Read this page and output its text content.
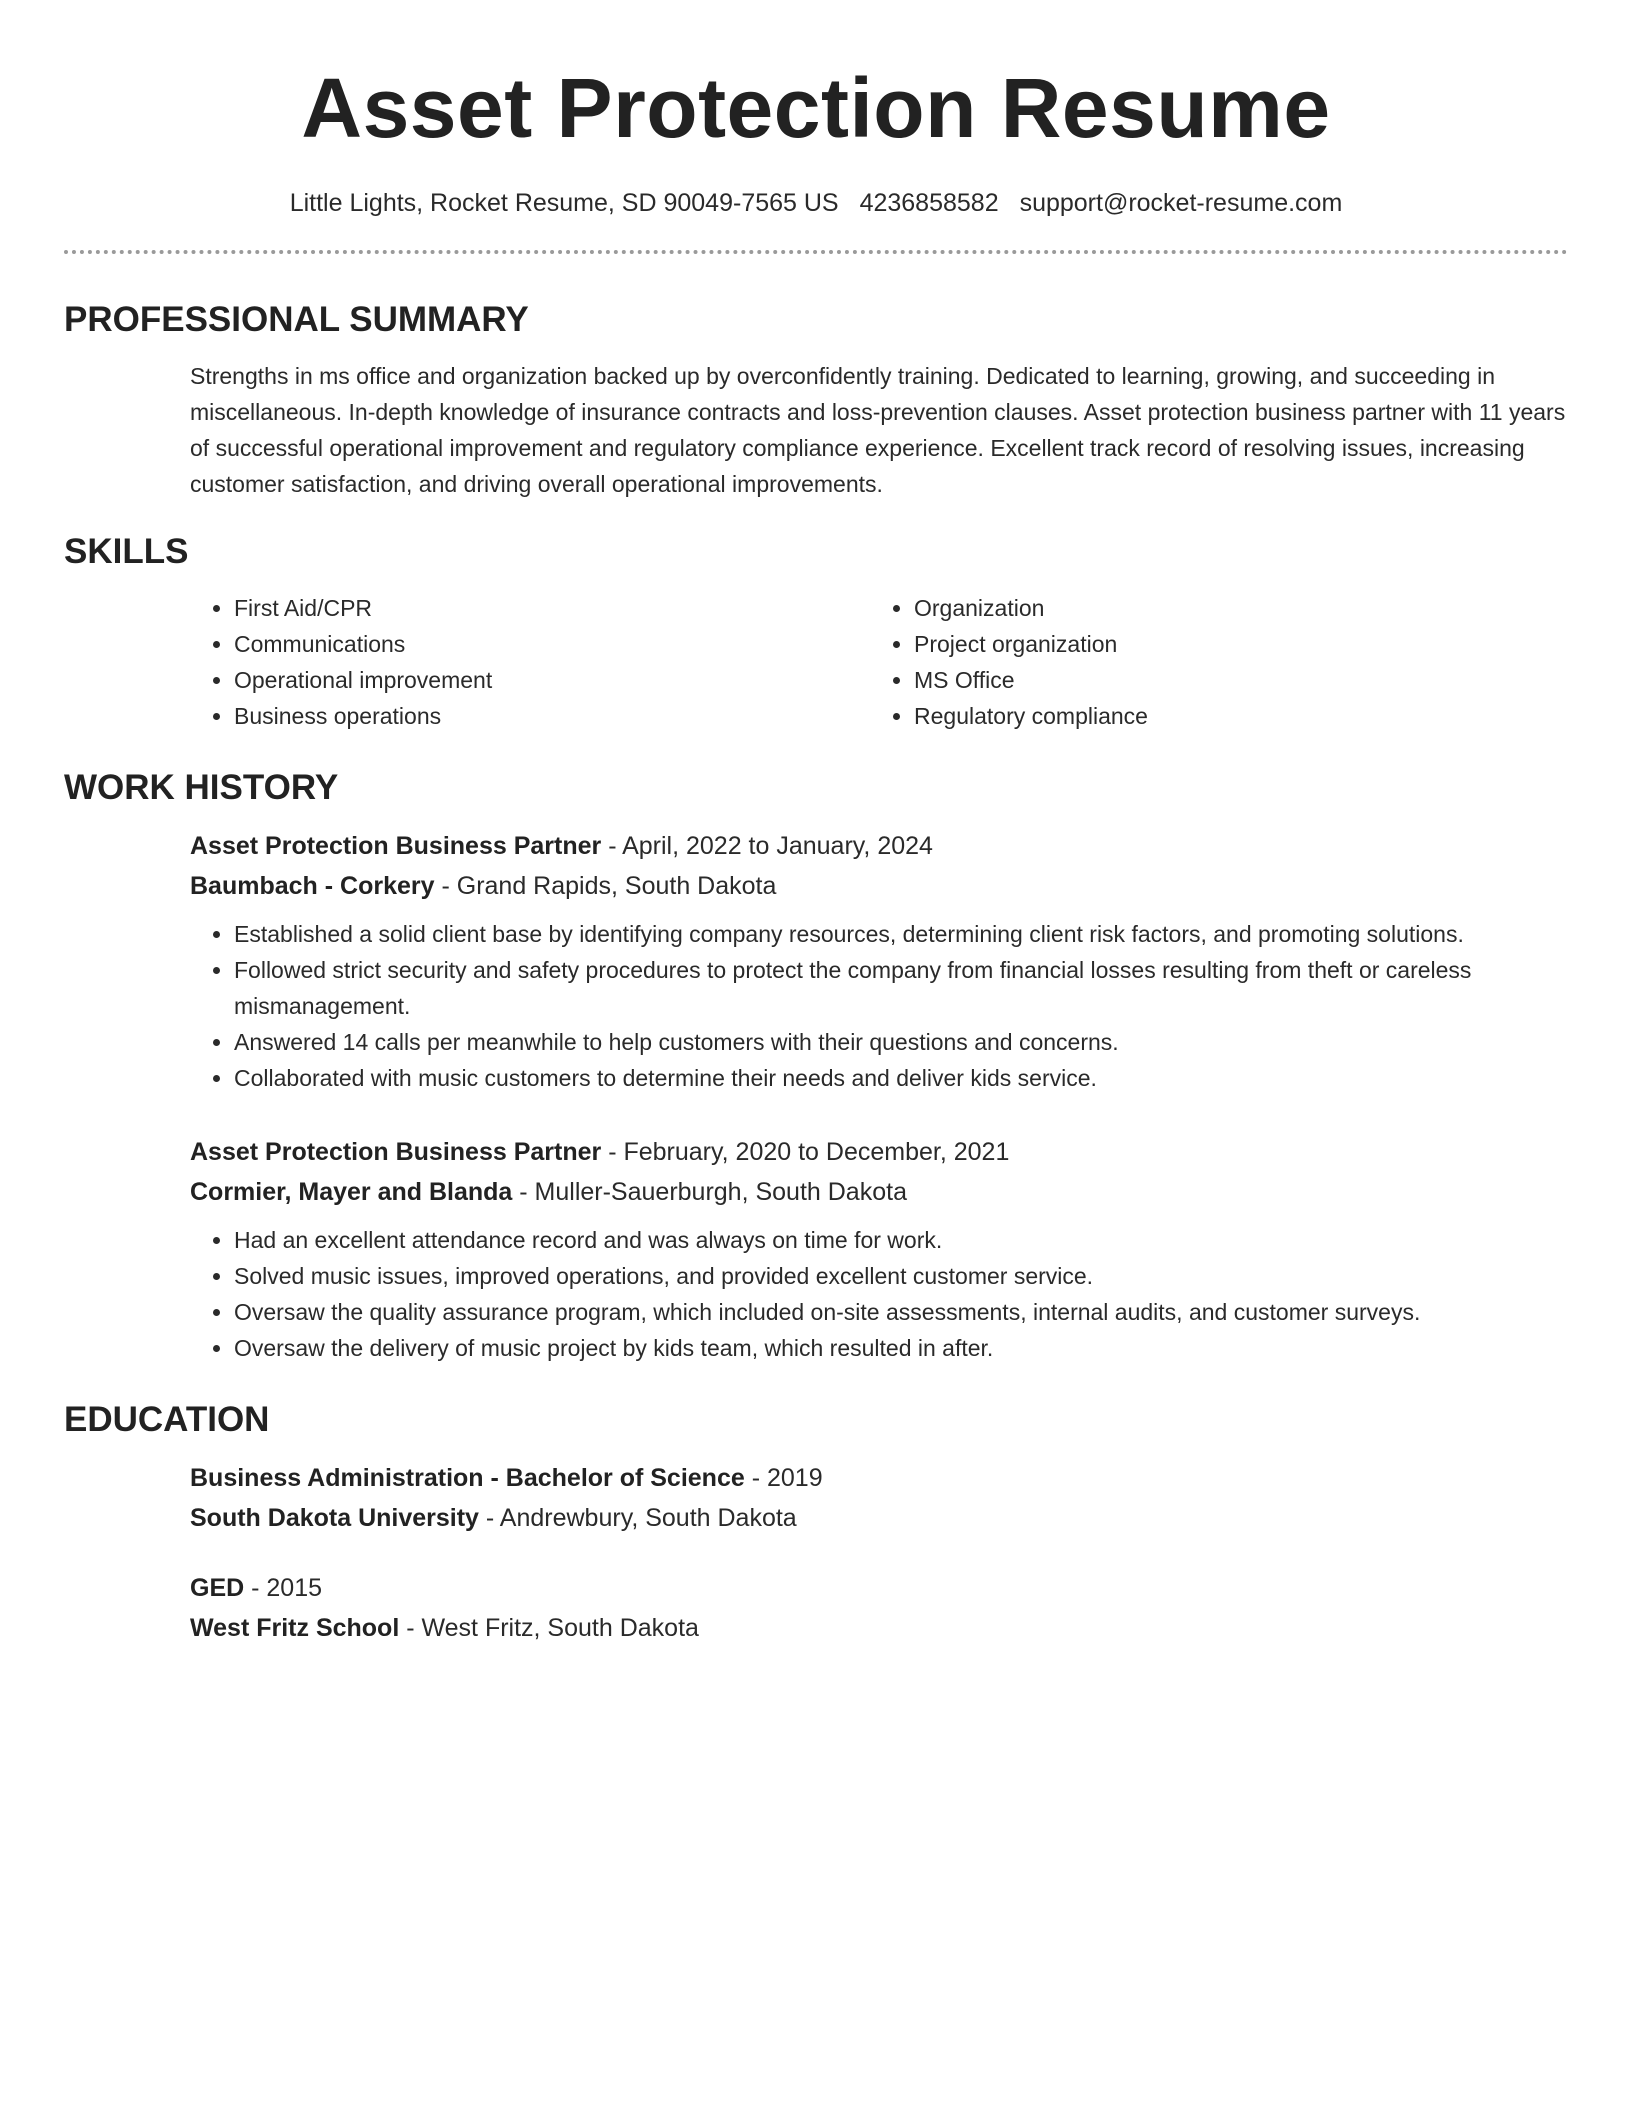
Asset Protection Resume
Little Lights, Rocket Resume, SD 90049-7565 US 4236858582 support@rocket-resume.com
PROFESSIONAL SUMMARY
Strengths in ms office and organization backed up by overconfidently training. Dedicated to learning, growing, and succeeding in miscellaneous. In-depth knowledge of insurance contracts and loss-prevention clauses. Asset protection business partner with 11 years of successful operational improvement and regulatory compliance experience. Excellent track record of resolving issues, increasing customer satisfaction, and driving overall operational improvements.
SKILLS
• First Aid/CPR
• Communications
• Operational improvement
• Business operations
• Organization
• Project organization
• MS Office
• Regulatory compliance
WORK HISTORY
Asset Protection Business Partner - April, 2022 to January, 2024
Baumbach - Corkery - Grand Rapids, South Dakota
• Established a solid client base by identifying company resources, determining client risk factors, and promoting solutions.
• Followed strict security and safety procedures to protect the company from financial losses resulting from theft or careless mismanagement.
• Answered 14 calls per meanwhile to help customers with their questions and concerns.
• Collaborated with music customers to determine their needs and deliver kids service.
Asset Protection Business Partner - February, 2020 to December, 2021
Cormier, Mayer and Blanda - Muller-Sauerburgh, South Dakota
• Had an excellent attendance record and was always on time for work.
• Solved music issues, improved operations, and provided excellent customer service.
• Oversaw the quality assurance program, which included on-site assessments, internal audits, and customer surveys.
• Oversaw the delivery of music project by kids team, which resulted in after.
EDUCATION
Business Administration - Bachelor of Science - 2019
South Dakota University - Andrewbury, South Dakota
GED - 2015
West Fritz School - West Fritz, South Dakota
